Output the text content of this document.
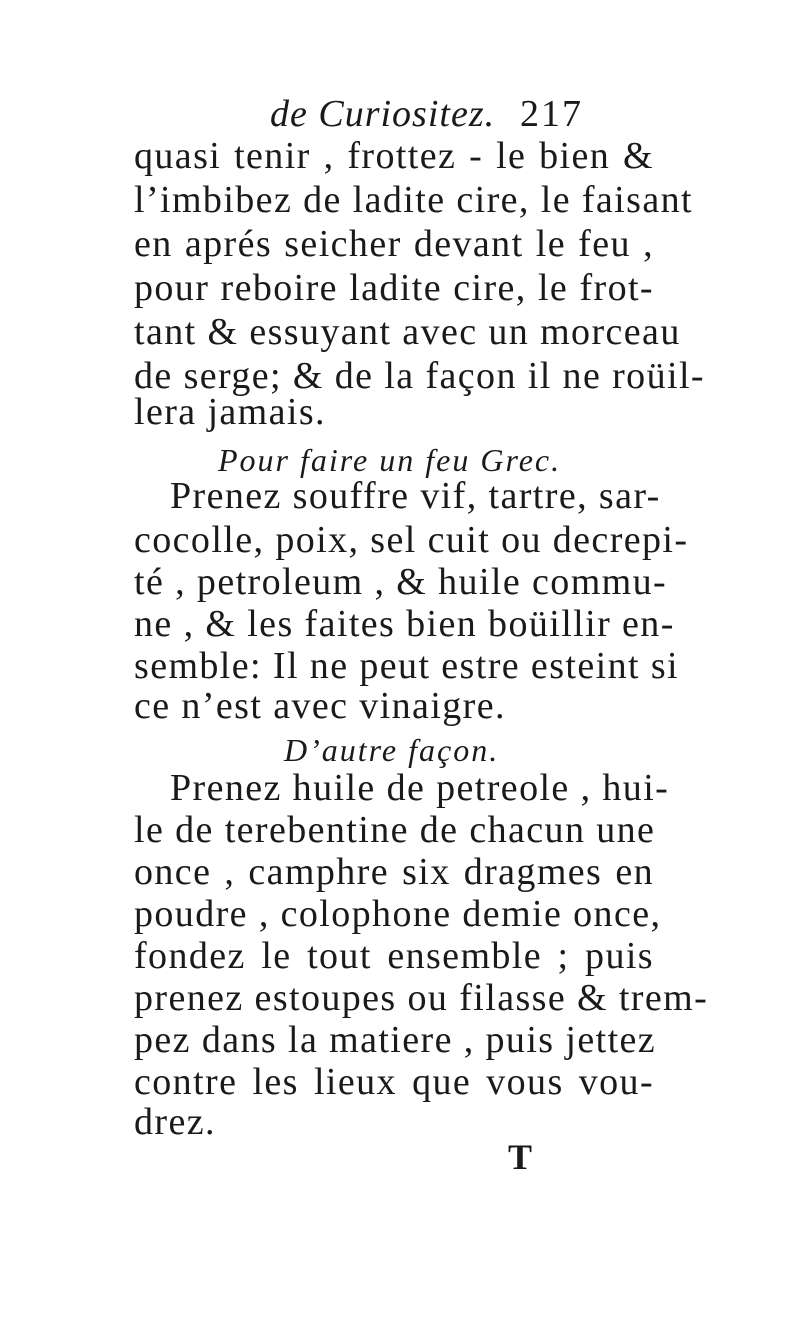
de Curiositez. 217
quasi tenir , frottez - le bien &
l’imbibez de ladite cire, le faisant
en aprés seicher devant le feu ,
pour reboire ladite cire, le frot-
tant & essuyant avec un morceau
de serge; & de la façon il ne roüil-
lera jamais.
Pour faire un feu Grec.
Prenez souffre vif, tartre, sar-
cocolle, poix, sel cuit ou decrepi-
té , petroleum , & huile commu-
ne , & les faites bien boüillir en-
semble: Il ne peut estre esteint si
ce n’est avec vinaigre.
D’autre façon.
Prenez huile de petreole , hui-
le de terebentine de chacun une
once , camphre six dragmes en
poudre , colophone demie once,
fondez le tout ensemble ; puis
prenez estoupes ou filasse & trem-
pez dans la matiere , puis jettez
contre les lieux que vous vou-
drez.
T
